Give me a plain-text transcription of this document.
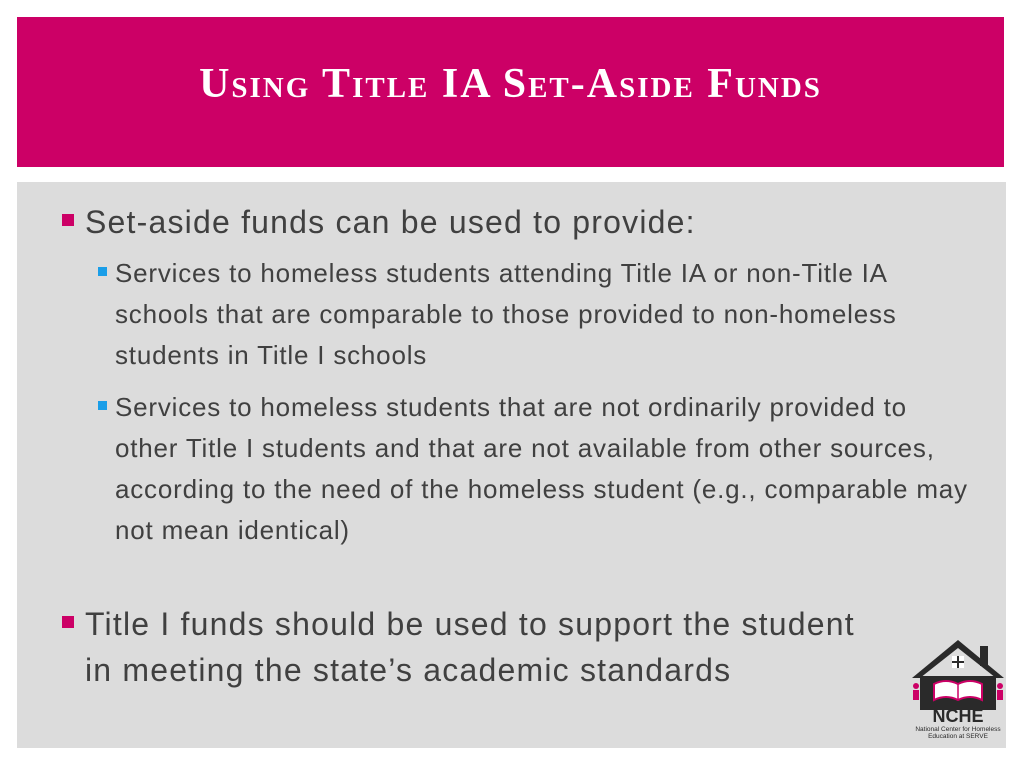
Using Title IA Set-Aside Funds
Set-aside funds can be used to provide:
Services to homeless students attending Title IA or non-Title IA schools that are comparable to those provided to non-homeless students in Title I schools
Services to homeless students that are not ordinarily provided to other Title I students and that are not available from other sources, according to the need of the homeless student (e.g., comparable may not mean identical)
Title I funds should be used to support the student in meeting the state’s academic standards
NCHE
National Center for Homeless Education at SERVE
